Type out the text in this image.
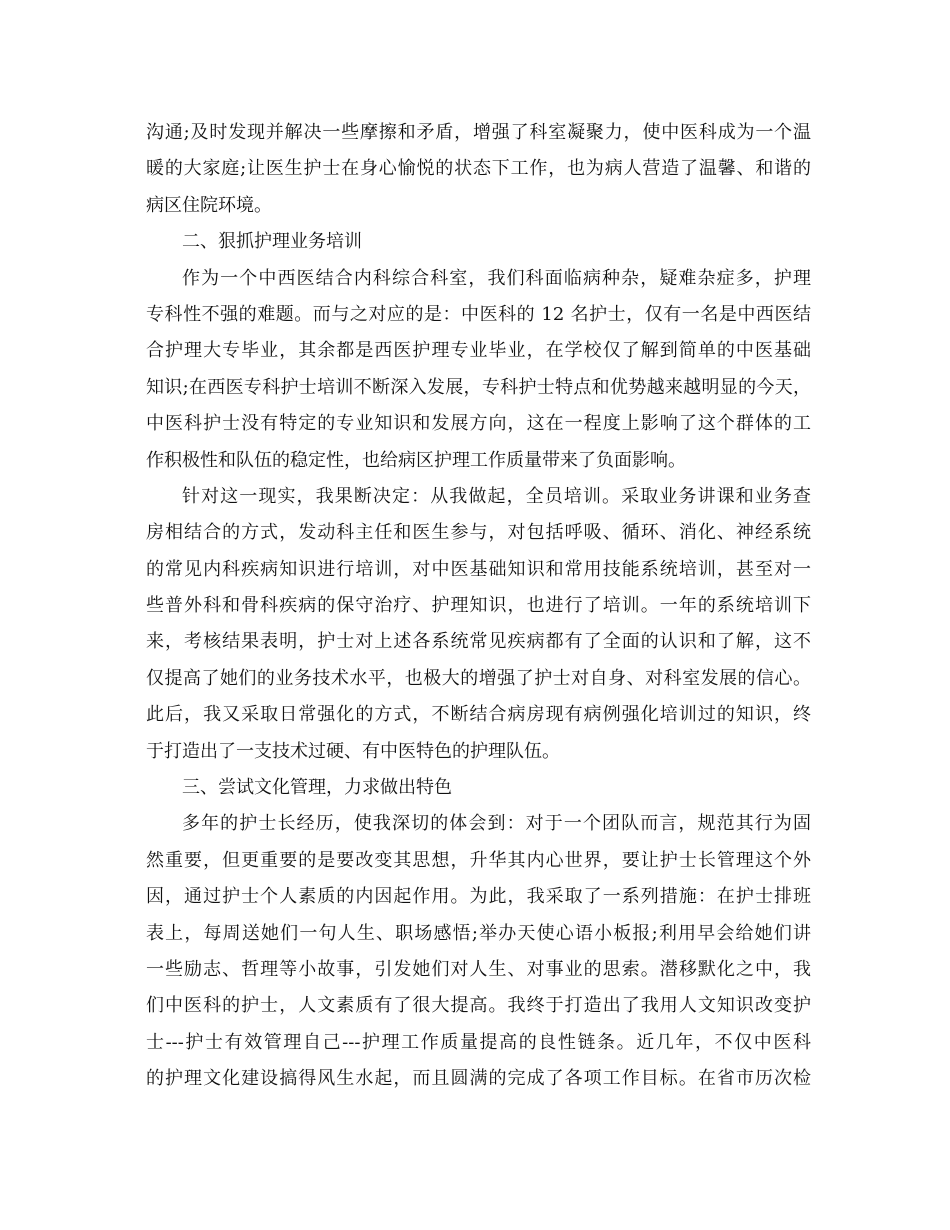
沟通;及时发现并解决一些摩擦和矛盾，增强了科室凝聚力，使中医科成为一个温
暖的大家庭;让医生护士在身心愉悦的状态下工作，也为病人营造了温馨、和谐的
病区住院环境。
二、狠抓护理业务培训
作为一个中西医结合内科综合科室，我们科面临病种杂，疑难杂症多，护理
专科性不强的难题。而与之对应的是：中医科的 12 名护士，仅有一名是中西医结
合护理大专毕业，其余都是西医护理专业毕业，在学校仅了解到简单的中医基础
知识;在西医专科护士培训不断深入发展，专科护士特点和优势越来越明显的今天，
中医科护士没有特定的专业知识和发展方向，这在一程度上影响了这个群体的工
作积极性和队伍的稳定性，也给病区护理工作质量带来了负面影响。
针对这一现实，我果断决定：从我做起，全员培训。采取业务讲课和业务查
房相结合的方式，发动科主任和医生参与，对包括呼吸、循环、消化、神经系统
的常见内科疾病知识进行培训，对中医基础知识和常用技能系统培训，甚至对一
些普外科和骨科疾病的保守治疗、护理知识，也进行了培训。一年的系统培训下
来，考核结果表明，护士对上述各系统常见疾病都有了全面的认识和了解，这不
仅提高了她们的业务技术水平，也极大的增强了护士对自身、对科室发展的信心。
此后，我又采取日常强化的方式，不断结合病房现有病例强化培训过的知识，终
于打造出了一支技术过硬、有中医特色的护理队伍。
三、尝试文化管理，力求做出特色
多年的护士长经历，使我深切的体会到：对于一个团队而言，规范其行为固
然重要，但更重要的是要改变其思想，升华其内心世界，要让护士长管理这个外
因，通过护士个人素质的内因起作用。为此，我采取了一系列措施：在护士排班
表上，每周送她们一句人生、职场感悟;举办天使心语小板报;利用早会给她们讲
一些励志、哲理等小故事，引发她们对人生、对事业的思索。潜移默化之中，我
们中医科的护士，人文素质有了很大提高。我终于打造出了我用人文知识改变护
士---护士有效管理自己---护理工作质量提高的良性链条。近几年，不仅中医科
的护理文化建设搞得风生水起，而且圆满的完成了各项工作目标。在省市历次检
